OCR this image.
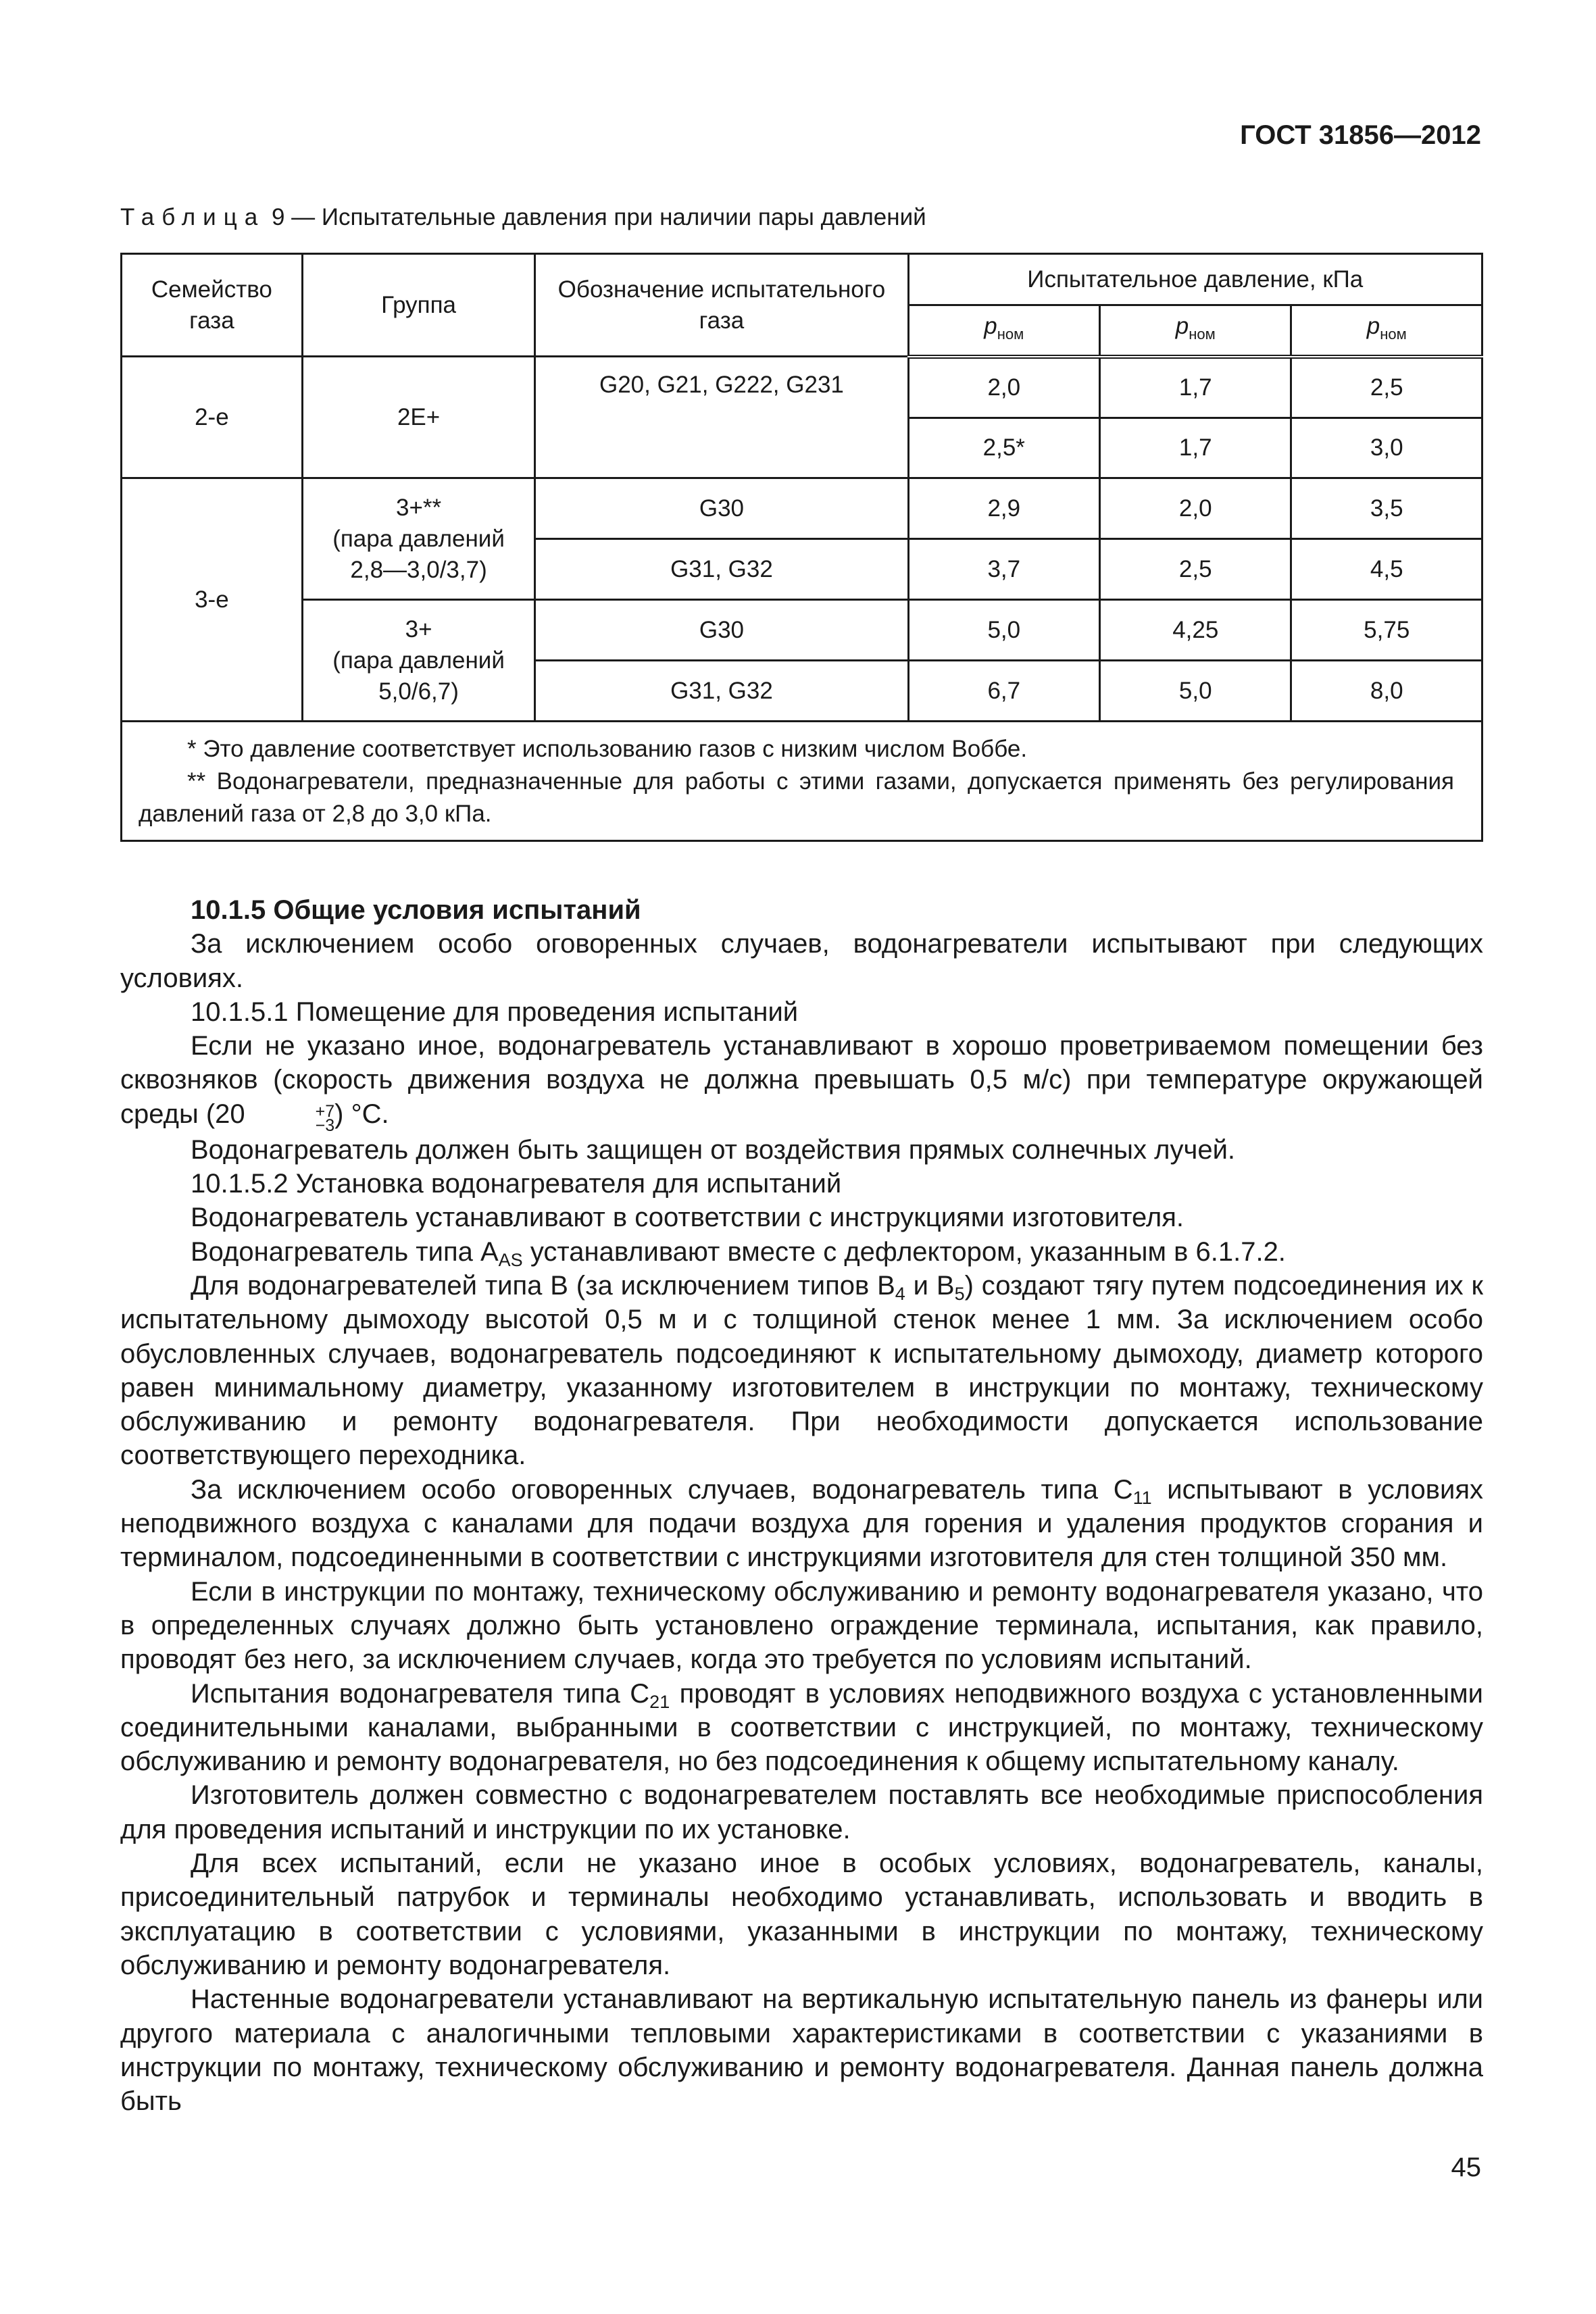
ГОСТ 31856—2012
Таблица 9 — Испытательные давления при наличии пары давлений
Семейство газа	Группа	Обозначение испытательного газа	Испытательное давление, кПа		
			$p_{ном}$	$p_{ном}$	$p_{ном}$
2-е	2E+	G20, G21, G222, G231	2,0	1,7	2,5
			2,5*	1,7	3,0
3-е	3+**
(пара давлений
2,8—3,0/3,7)	G30	2,9	2,0	3,5
		G31, G32	3,7	2,5	4,5

	3+
(пара давлений
5,0/6,7)	G30	5,0	4,25	5,75
		G31, G32	6,7	5,0	8,0

* Это давление соответствует использованию газов с низким числом Воббе.
** Водонагреватели, предназначенные для работы с этими газами, допускается применять без регулирования давлений газа от 2,8 до 3,0 кПа.					

10.1.5 Общие условия испытаний

За исключением особо оговоренных случаев, водонагреватели испытывают при следующих условиях.

10.1.5.1 Помещение для проведения испытаний

Если не указано иное, водонагреватель устанавливают в хорошо проветриваемом помещении без сквозняков (скорость движения воздуха не должна превышать 0,5 м/с) при температуре окружающей среды (20	+7
−3 ) °С.

Водонагреватель должен быть защищен от воздействия прямых солнечных лучей.

10.1.5.2 Установка водонагревателя для испытаний

Водонагреватель устанавливают в соответствии с инструкциями изготовителя.

Водонагреватель типа $A_{AS}$ устанавливают вместе с дефлектором, указанным в 6.1.7.2.

Для водонагревателей типа В (за исключением типов $В_4$ и $В_5$) создают тягу путем подсоединения их к испытательному дымоходу высотой 0,5 м и с толщиной стенок менее 1 мм. За исключением особо обусловленных случаев, водонагреватель подсоединяют к испытательному дымоходу, диаметр которого равен минимальному диаметру, указанному изготовителем в инструкции по монтажу, техническому обслуживанию и ремонту водонагревателя. При необходимости допускается использование соответствующего переходника.

За исключением особо оговоренных случаев, водонагреватель типа $С_{11}$ испытывают в условиях неподвижного воздуха с каналами для подачи воздуха для горения и удаления продуктов сгорания и терминалом, подсоединенными в соответствии с инструкциями изготовителя для стен толщиной 350 мм.

Если в инструкции по монтажу, техническому обслуживанию и ремонту водонагревателя указано, что в определенных случаях должно быть установлено ограждение терминала, испытания, как правило, проводят без него, за исключением случаев, когда это требуется по условиям испытаний.

Испытания водонагревателя типа $С_{21}$ проводят в условиях неподвижного воздуха с установленными соединительными каналами, выбранными в соответствии с инструкцией, по монтажу, техническому обслуживанию и ремонту водонагревателя, но без подсоединения к общему испытательному каналу.

Изготовитель должен совместно с водонагревателем поставлять все необходимые приспособления для проведения испытаний и инструкции по их установке.

Для всех испытаний, если не указано иное в особых условиях, водонагреватель, каналы, присоединительный патрубок и терминалы необходимо устанавливать, использовать и вводить в эксплуатацию в соответствии с условиями, указанными в инструкции по монтажу, техническому обслуживанию и ремонту водонагревателя.

Настенные водонагреватели устанавливают на вертикальную испытательную панель из фанеры или другого материала с аналогичными тепловыми характеристиками в соответствии с указаниями в инструкции по монтажу, техническому обслуживанию и ремонту водонагревателя. Данная панель должна быть

45
